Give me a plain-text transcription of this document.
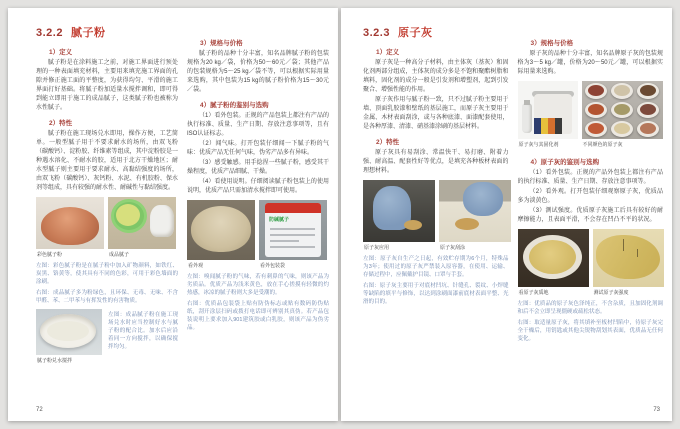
3.2.2 腻子粉
1）定义

腻子粉是在涂料施工之前，对施工界面进行预处理的一种表面填充材料，主要用来填充施工界面的孔隙并修正施工面的平整度，为获得均匀、平滑的施工界面打好基础。将腻子粉加适量水搅拌调和，即可得到能立即用于施工的成品腻子，这类腻子粉也被称为水性腻子。

2）特性

腻子粉在施工现场兑水即用，操作方便，工艺简单。一般型腻子用于不要求耐水的场所，由双飞粉（碳酸钙）、淀粉胶、纤维素等组成，其中淀粉胶是一种遇水溶化、不耐水的胶，适用于北方干燥地区；耐水型腻子则主要用于要求耐水、高黏结强度的场所，由双飞粉（碳酸钙）、灰钙粉、水泥、有机胶粉、保水剂等组成，具有较强的耐水性、耐碱性与黏结强度。

彩色腻子粉	成品腻子

左图：彩色腻子粉是在腻子粉中加入矿物颜料，如铁红、炭黑、铬黄等，使其具有不同的色彩，可用于彩色墙面的涂刷。

右图：成品腻子多为粉绿色，且环保、无毒、无味、不含甲醛、苯、二甲苯与有挥发性的有害物质。

腻子粉兑水搅拌

左图：成品腻子粉在施工现场兑水时应当控制好水与腻子粉的配合比。加水后应沿着同一方向搅拌，以确保搅拌均匀。

3）规格与价格

腻子粉的品种十分丰富，知名品牌腻子粉的包装规格为20 kg／袋，价格为50～60元／袋；其他产品的包装规格为5～25 kg／袋不等，可以根据实际用量来选购，其中包装为15 kg的腻子粉价格为15～30元／袋。

4）腻子粉的鉴别与选购

（1）看外包装。正规的产品包装上都注有产品的执行标准、质量、生产日期、存放注意事项等，且有ISO认证标志。

（2）闻气味。打开包装仔细闻一下腻子粉的气味：优质产品无任何气味，伪劣产品多有异味。

（3）感受触感。用手捻捏一些腻子粉，感受其干燥程度，优质产品细腻、干燥。

（4）看使用说明。仔细阅读腻子粉包装上的使用说明，优质产品只需加清水搅拌即可使用。

看外观
防碱腻子
看外包装袋

左图：嗅闻腻子粉的气味，若有刺鼻的气味，则该产品为劣质品。优质产品为浅米黄色，放在手心搓摸有轻微的灼热感，冰凉的腻子粉则大多是受潮的。

右图：优质品包装袋上贴有防伪标志或贴有数码防伪贴纸，刮开涂层扫码或拨打电话即可辨别其真伪。若产品包装说明上要求加入901建筑胶或白乳胶，则该产品为伪劣品。

72
3.2.3 原子灰
1）定义

原子灰是一种高分子材料，由主体灰（基灰）和固化剂两部分组成，主体灰的成分多是不饱和聚酯树脂和填料，固化剂的成分一般是引发剂和增塑剂，起到引发聚合、增强性能的作用。

原子灰作用与腻子粉一致，只不过腻子粉主要用于墙、顶面乳胶漆和壁纸的基层施工，而原子灰主要用于金属、木材表面刮涂，或与各种底漆、面漆配套使用，是各种厚漆、清漆、硝基漆涂刷的基层材料。

2）特性

原子灰具有易刮涂、常温快干、易打磨、附着力强、耐高温、配套性好等优点，是填充各种板材表面的理想材料。

原子灰应用	原子灰刮涂

左图：原子灰自生产之日起，有效贮存期为6个月，特殊品为3年；使用过的原子灰严禁装入原容器，在使用、运输、存储过程中，应佩戴护目镜、口罩与手套。

右图：原子灰主要用于对底材凹坑、针缝孔、裂纹、小焊缝等缺陷的填平与修饰，以达到涂刷面漆前底材表面平整、光滑的目的。

3）规格与价格

原子灰的品种十分丰富，知名品牌原子灰的包装规格为3～5 kg／罐，价格为20～50元／罐，可以根据实际用量来选购。

原子灰与其固化剂	不同颜色的原子灰
4）原子灰的鉴别与选购

（1）看外包装。正规的产品外包装上都注有产品的执行标准、质量、生产日期、存放注意事项等。

（2）看外观。打开包装仔细观察原子灰，优质品多为淡黄色。

（3）测试强度。优质原子灰施工后具有较好的耐摩擦能力，且表面平滑，不会存在凹凸不平的状况。

看原子灰质地	测试原子灰强度

左图：优质品的原子灰色泽纯正，不含杂质，且加固化剂调和后不会立即呈现僵硬或疏松状态。

右图：取适量原子灰，将其填补至板材凹陷中，待原子灰完全干燥后，用钥匙或其他尖锐物刮划其表面，优质品无任何变化。

73
